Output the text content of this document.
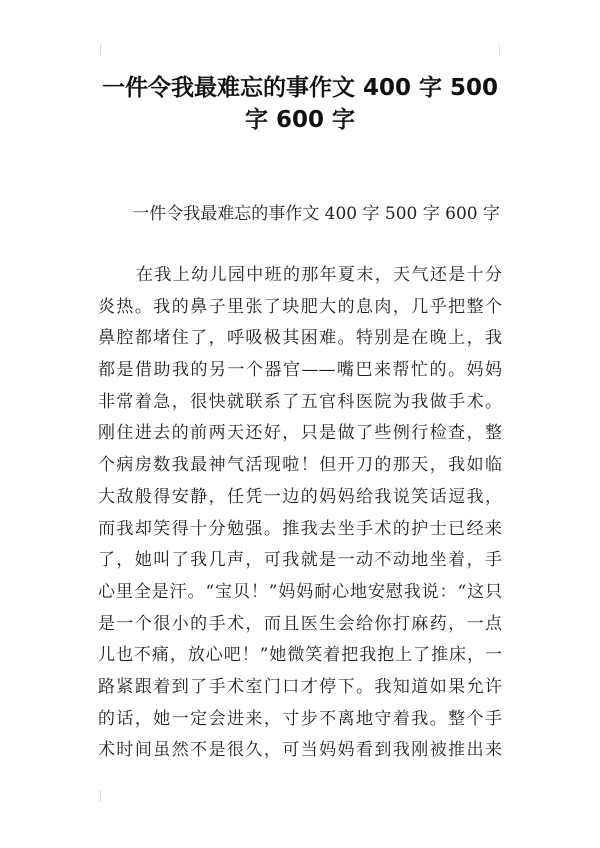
一件令我最难忘的事作文 400 字 500
字 600 字

一件令我最难忘的事作文 400 字 500 字 600 字

在我上幼儿园中班的那年夏末，天气还是十分
炎热。我的鼻子里张了块肥大的息肉，几乎把整个
鼻腔都堵住了，呼吸极其困难。特别是在晚上，我
都是借助我的另一个器官——嘴巴来帮忙的。妈妈
非常着急，很快就联系了五官科医院为我做手术。
刚住进去的前两天还好，只是做了些例行检查，整
个病房数我最神气活现啦！但开刀的那天，我如临
大敌般得安静，任凭一边的妈妈给我说笑话逗我，
而我却笑得十分勉强。推我去坐手术的护士已经来
了，她叫了我几声，可我就是一动不动地坐着，手
心里全是汗。“宝贝！”妈妈耐心地安慰我说：“这只
是一个很小的手术，而且医生会给你打麻药，一点
儿也不痛，放心吧！”她微笑着把我抱上了推床，一
路紧跟着到了手术室门口才停下。我知道如果允许
的话，她一定会进来，寸步不离地守着我。整个手
术时间虽然不是很久，可当妈妈看到我刚被推出来
